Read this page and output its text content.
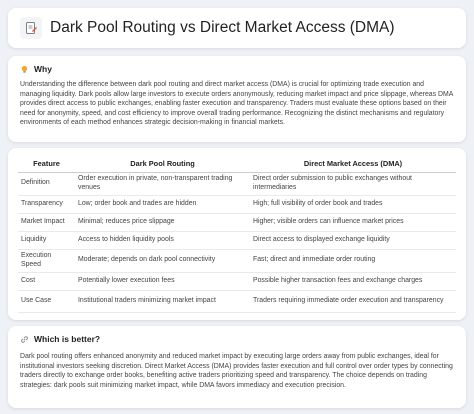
Dark Pool Routing vs Direct Market Access (DMA)
Why

Understanding the difference between dark pool routing and direct market access (DMA) is crucial for optimizing trade execution and managing liquidity. Dark pools allow large investors to execute orders anonymously, reducing market impact and price slippage, whereas DMA provides direct access to public exchanges, enabling faster execution and transparency. Traders must evaluate these options based on their need for anonymity, speed, and cost efficiency to improve overall trading performance. Recognizing the distinct mechanisms and regulatory environments of each method enhances strategic decision-making in financial markets.

Feature	Dark Pool Routing	Direct Market Access (DMA)
Definition	Order execution in private, non-transparent trading venues	Direct order submission to public exchanges without intermediaries
Transparency	Low; order book and trades are hidden	High; full visibility of order book and trades
Market Impact	Minimal; reduces price slippage	Higher; visible orders can influence market prices
Liquidity	Access to hidden liquidity pools	Direct access to displayed exchange liquidity
Execution Speed	Moderate; depends on dark pool connectivity	Fast; direct and immediate order routing
Cost	Potentially lower execution fees	Possible higher transaction fees and exchange charges
Use Case	Institutional traders minimizing market impact	Traders requiring immediate order execution and transparency
Which is better?

Dark pool routing offers enhanced anonymity and reduced market impact by executing large orders away from public exchanges, ideal for institutional investors seeking discretion. Direct Market Access (DMA) provides faster execution and full control over order types by connecting traders directly to exchange order books, benefiting active traders prioritizing speed and transparency. The choice depends on trading strategies: dark pools suit minimizing market impact, while DMA favors immediacy and execution precision.
